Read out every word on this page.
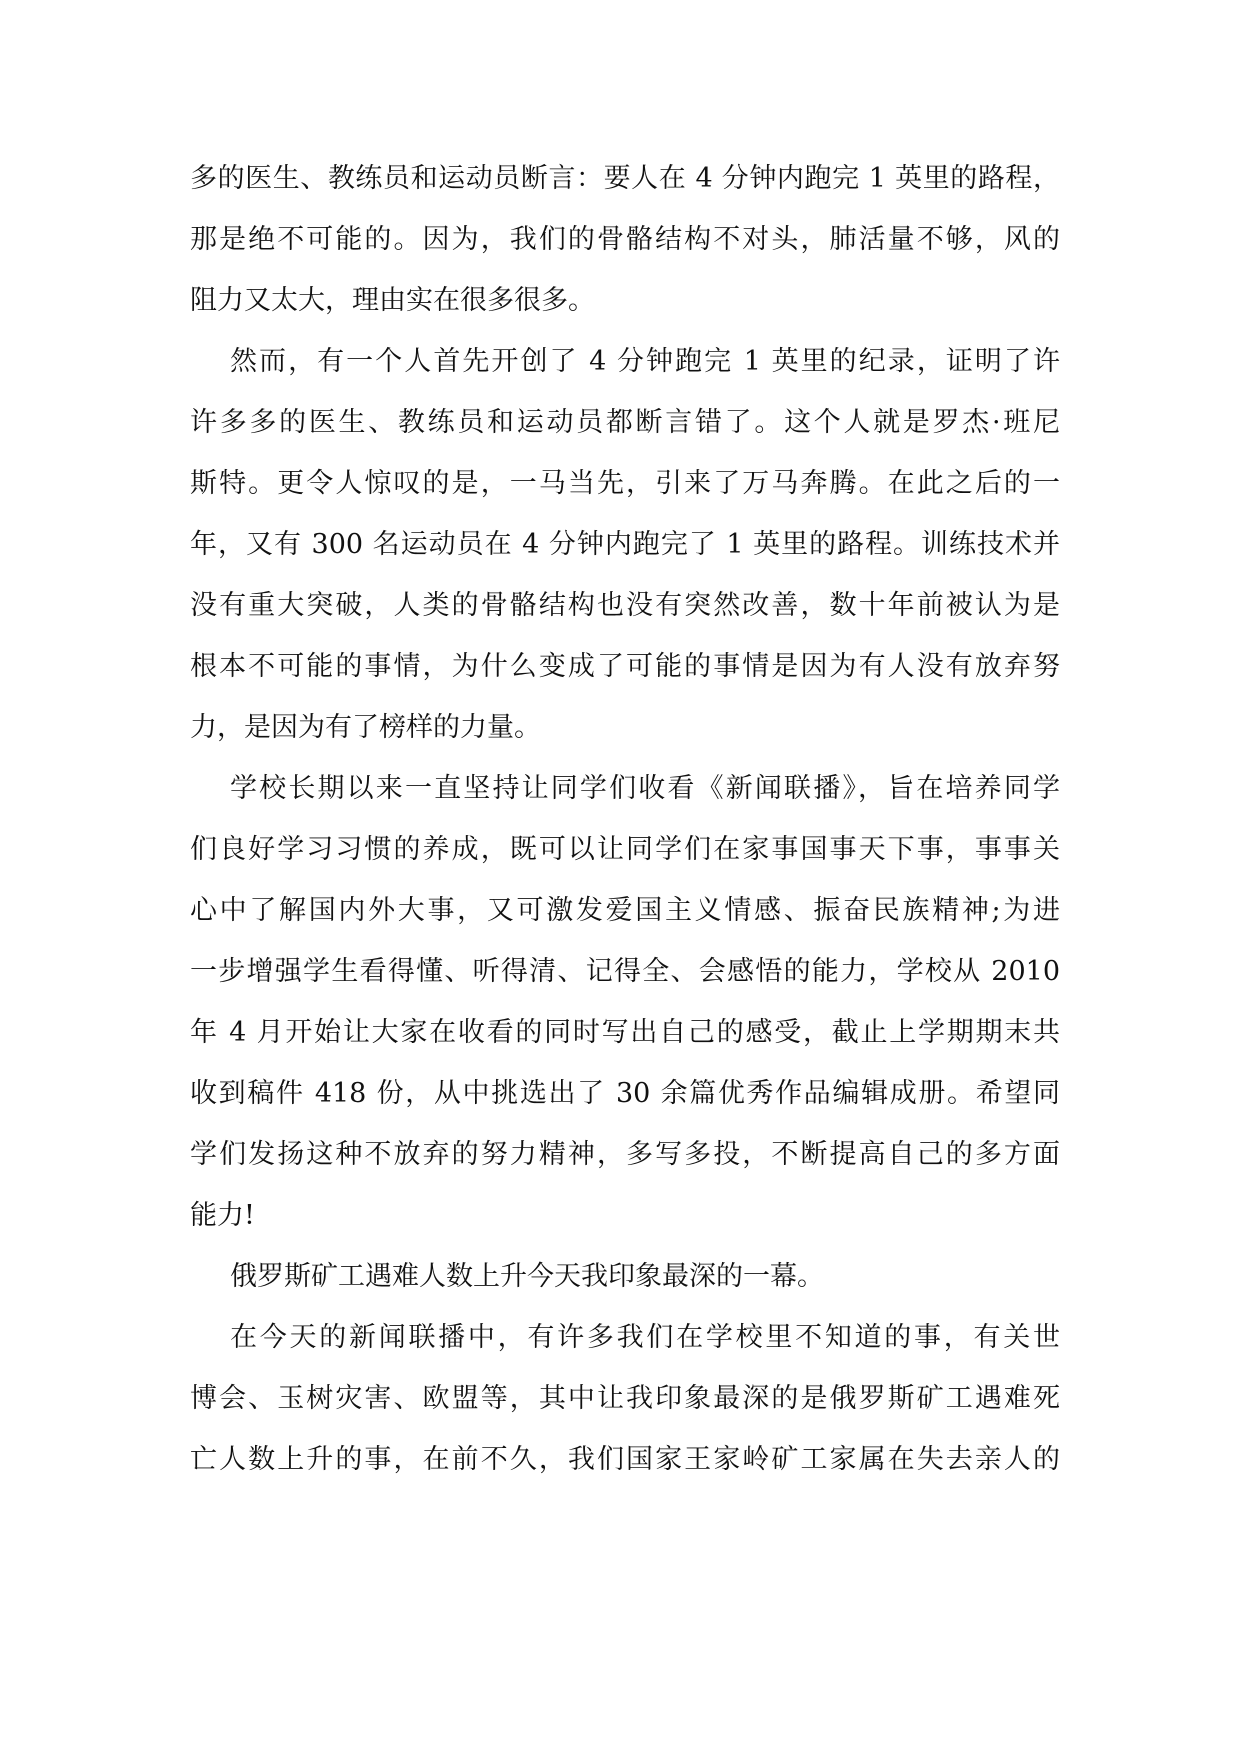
多的医生、教练员和运动员断言：要人在 4 分钟内跑完 1 英里的路程，
那是绝不可能的。因为，我们的骨骼结构不对头，肺活量不够，风的
阻力又太大，理由实在很多很多。
然而，有一个人首先开创了 4 分钟跑完 1 英里的纪录，证明了许
许多多的医生、教练员和运动员都断言错了。这个人就是罗杰·班尼
斯特。更令人惊叹的是，一马当先，引来了万马奔腾。在此之后的一
年，又有 300 名运动员在 4 分钟内跑完了 1 英里的路程。训练技术并
没有重大突破，人类的骨骼结构也没有突然改善，数十年前被认为是
根本不可能的事情，为什么变成了可能的事情是因为有人没有放弃努
力，是因为有了榜样的力量。
学校长期以来一直坚持让同学们收看《新闻联播》，旨在培养同学
们良好学习习惯的养成，既可以让同学们在家事国事天下事，事事关
心中了解国内外大事，又可激发爱国主义情感、振奋民族精神;为进
一步增强学生看得懂、听得清、记得全、会感悟的能力，学校从 2010
年 4 月开始让大家在收看的同时写出自己的感受，截止上学期期末共
收到稿件 418 份，从中挑选出了 30 余篇优秀作品编辑成册。希望同
学们发扬这种不放弃的努力精神，多写多投，不断提高自己的多方面
能力!
俄罗斯矿工遇难人数上升今天我印象最深的一幕。
在今天的新闻联播中，有许多我们在学校里不知道的事，有关世
博会、玉树灾害、欧盟等，其中让我印象最深的是俄罗斯矿工遇难死
亡人数上升的事，在前不久，我们国家王家岭矿工家属在失去亲人的
